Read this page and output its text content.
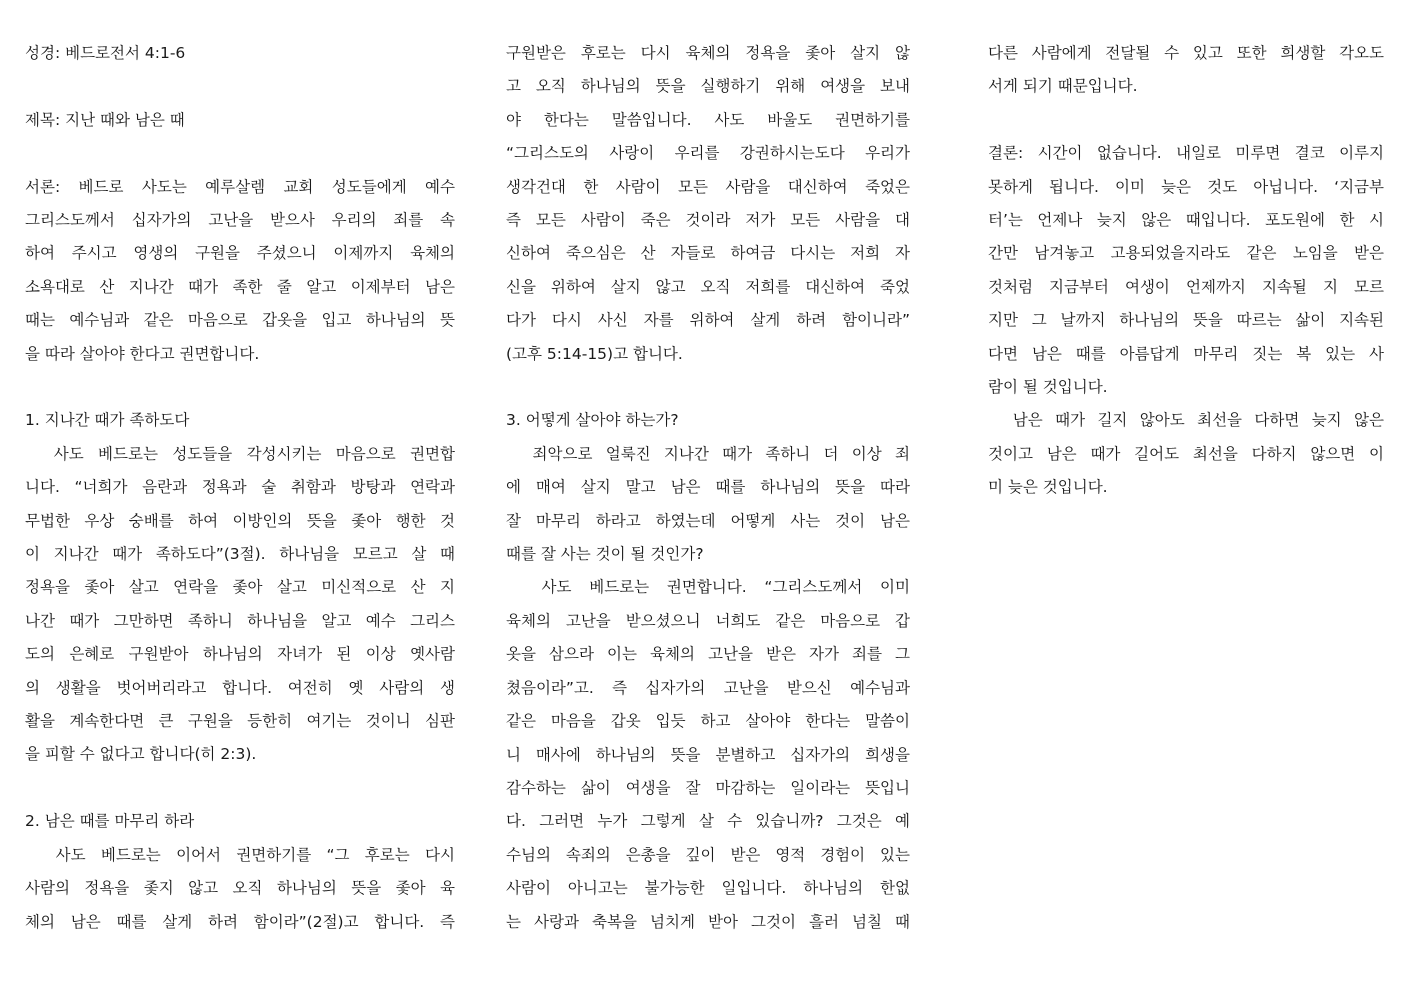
성경: 베드로전서 4:1-6
제목: 지난 때와 남은 때
서론: 베드로 사도는 예루살렘 교회 성도들에게 예수
그리스도께서 십자가의 고난을 받으사 우리의 죄를 속
하여 주시고 영생의 구원을 주셨으니 이제까지 육체의
소욕대로 산 지나간 때가 족한 줄 알고 이제부터 남은
때는 예수님과 같은 마음으로 갑옷을 입고 하나님의 뜻
을 따라 살아야 한다고 권면합니다.
1. 지나간 때가 족하도다
사도 베드로는 성도들을 각성시키는 마음으로 권면합
니다. “너희가 음란과 정욕과 술 취함과 방탕과 연락과
무법한 우상 숭배를 하여 이방인의 뜻을 좇아 행한 것
이 지나간 때가 족하도다”(3절). 하나님을 모르고 살 때
정욕을 좇아 살고 연락을 좇아 살고 미신적으로 산 지
나간 때가 그만하면 족하니 하나님을 알고 예수 그리스
도의 은혜로 구원받아 하나님의 자녀가 된 이상 옛사람
의 생활을 벗어버리라고 합니다. 여전히 옛 사람의 생
활을 계속한다면 큰 구원을 등한히 여기는 것이니 심판
을 피할 수 없다고 합니다(히 2:3).
2. 남은 때를 마무리 하라
사도 베드로는 이어서 권면하기를 “그 후로는 다시
사람의 정욕을 좇지 않고 오직 하나님의 뜻을 좇아 육
체의 남은 때를 살게 하려 함이라”(2절)고 합니다. 즉
구원받은 후로는 다시 육체의 정욕을 좇아 살지 않
고 오직 하나님의 뜻을 실행하기 위해 여생을 보내
야 한다는 말씀입니다. 사도 바울도 권면하기를
“그리스도의 사랑이 우리를 강권하시는도다 우리가
생각건대 한 사람이 모든 사람을 대신하여 죽었은
즉 모든 사람이 죽은 것이라 저가 모든 사람을 대
신하여 죽으심은 산 자들로 하여금 다시는 저희 자
신을 위하여 살지 않고 오직 저희를 대신하여 죽었
다가 다시 사신 자를 위하여 살게 하려 함이니라”
(고후 5:14-15)고 합니다.
3. 어떻게 살아야 하는가?
죄악으로 얼룩진 지나간 때가 족하니 더 이상 죄
에 매여 살지 말고 남은 때를 하나님의 뜻을 따라
잘 마무리 하라고 하였는데 어떻게 사는 것이 남은
때를 잘 사는 것이 될 것인가?
사도 베드로는 권면합니다. “그리스도께서 이미
육체의 고난을 받으셨으니 너희도 같은 마음으로 갑
옷을 삼으라 이는 육체의 고난을 받은 자가 죄를 그
쳤음이라”고. 즉 십자가의 고난을 받으신 예수님과
같은 마음을 갑옷 입듯 하고 살아야 한다는 말씀이
니 매사에 하나님의 뜻을 분별하고 십자가의 희생을
감수하는 삶이 여생을 잘 마감하는 일이라는 뜻입니
다. 그러면 누가 그렇게 살 수 있습니까? 그것은 예
수님의 속죄의 은총을 깊이 받은 영적 경험이 있는
사람이 아니고는 불가능한 일입니다. 하나님의 한없
는 사랑과 축복을 넘치게 받아 그것이 흘러 넘칠 때
다른 사람에게 전달될 수 있고 또한 희생할 각오도
서게 되기 때문입니다.
결론: 시간이 없습니다. 내일로 미루면 결코 이루지
못하게 됩니다. 이미 늦은 것도 아닙니다. ‘지금부
터’는 언제나 늦지 않은 때입니다. 포도원에 한 시
간만 남겨놓고 고용되었을지라도 같은 노임을 받은
것처럼 지금부터 여생이 언제까지 지속될 지 모르
지만 그 날까지 하나님의 뜻을 따르는 삶이 지속된
다면 남은 때를 아름답게 마무리 짓는 복 있는 사
람이 될 것입니다.
남은 때가 길지 않아도 최선을 다하면 늦지 않은
것이고 남은 때가 길어도 최선을 다하지 않으면 이
미 늦은 것입니다.
